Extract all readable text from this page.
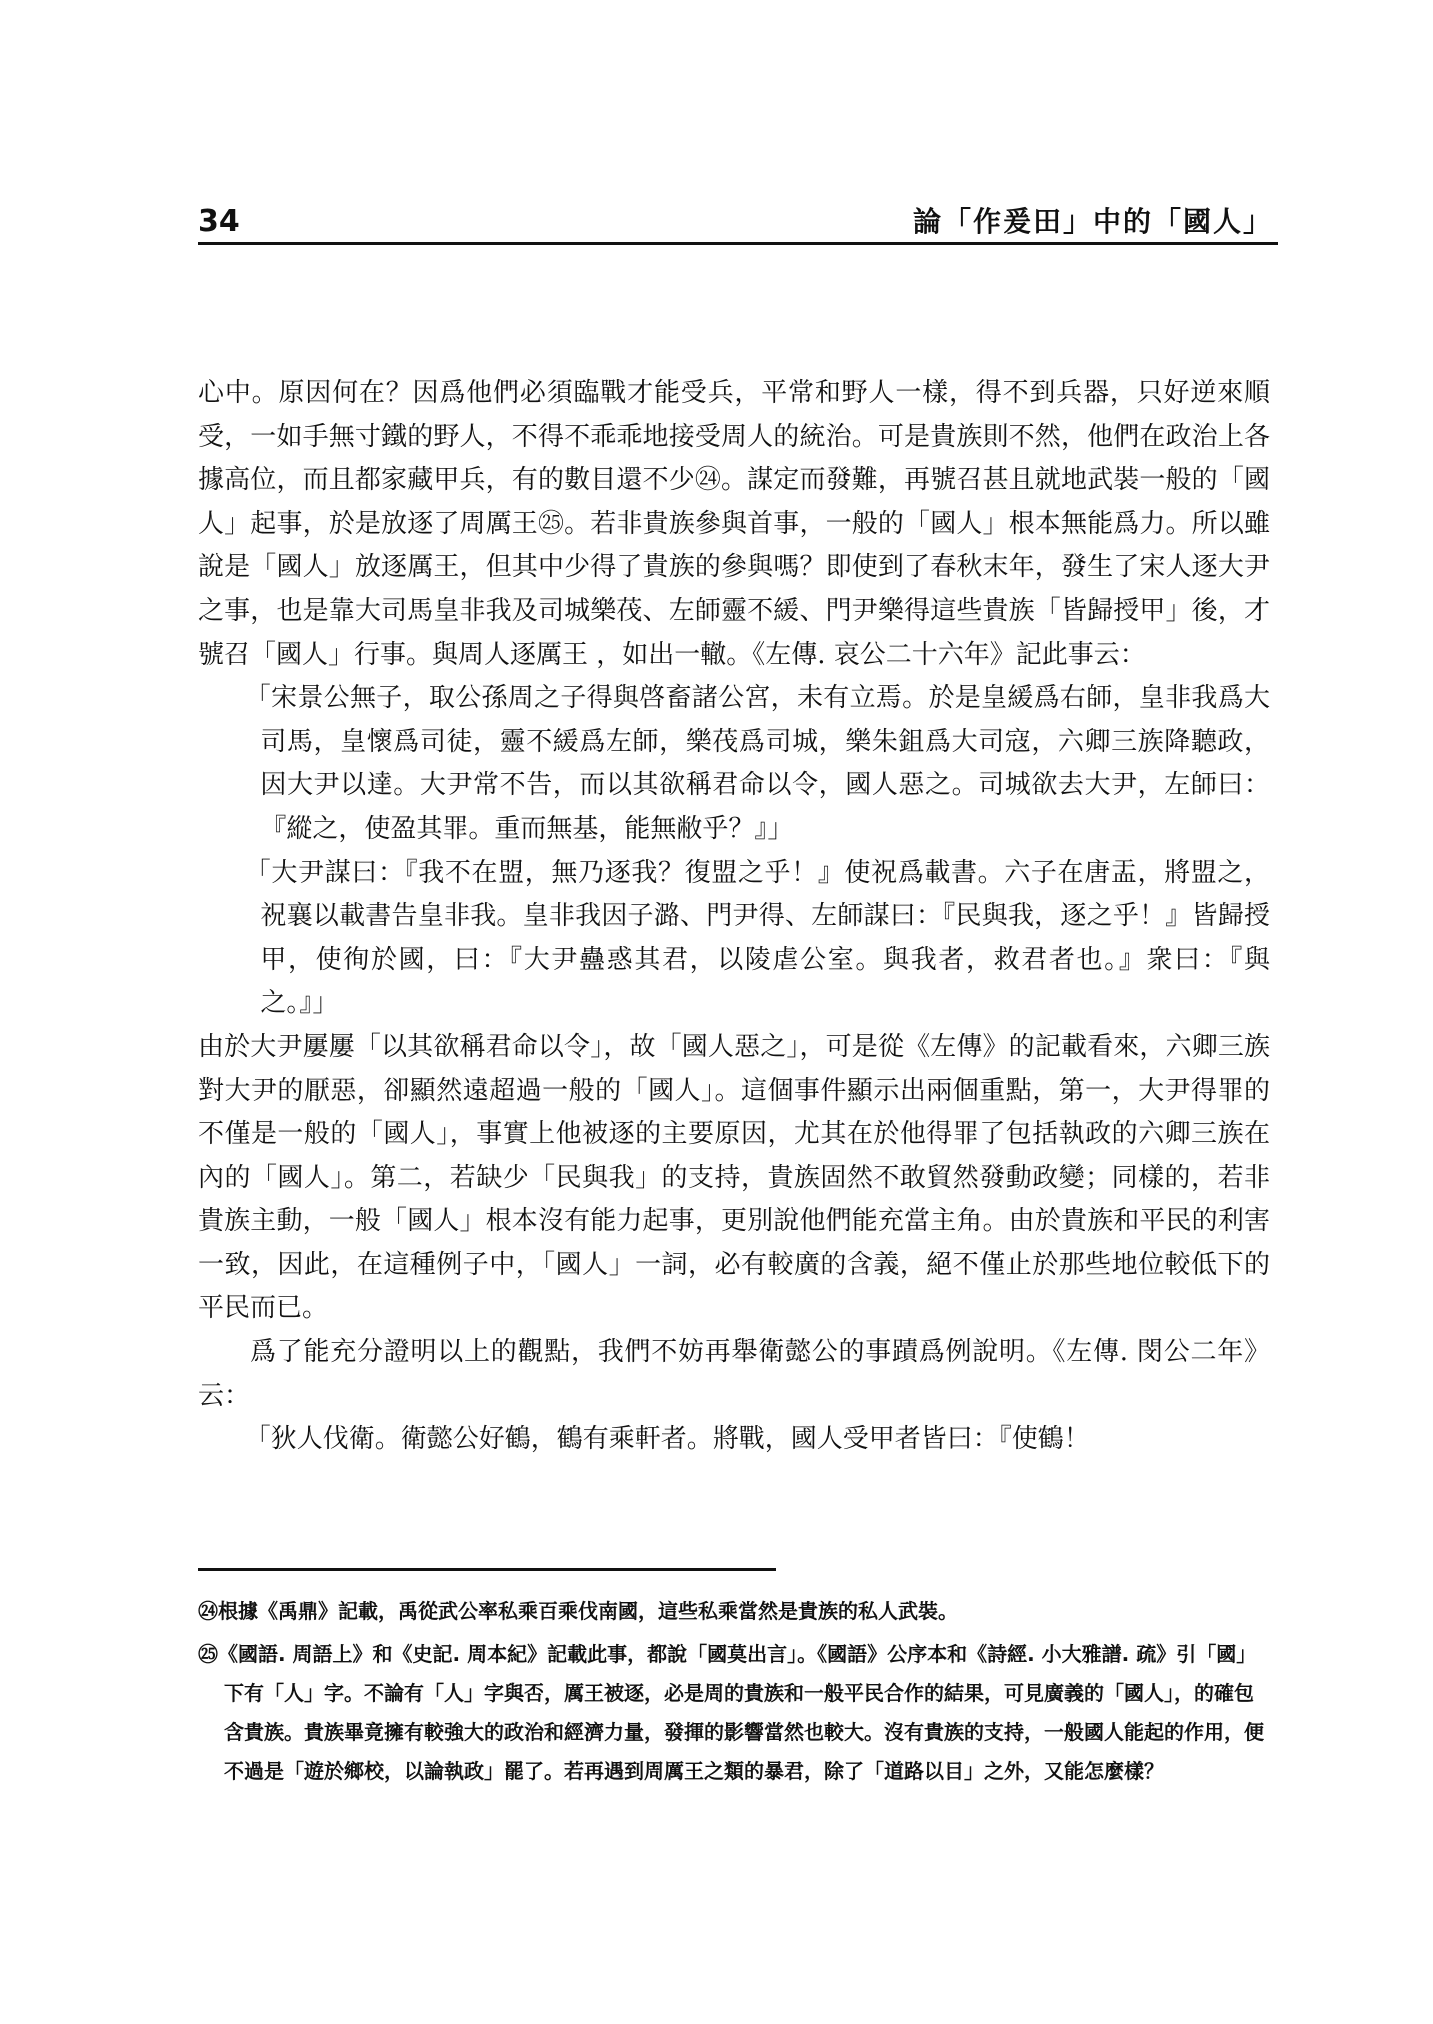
34	論「作爰田」中的「國人」

心中。原因何在？因爲他們必須臨戰才能受兵，平常和野人一樣，得不到兵器，只好逆來順受，一如手無寸鐵的野人，不得不乖乖地接受周人的統治。可是貴族則不然，他們在政治上各據高位，而且都家藏甲兵，有的數目還不少㉔。謀定而發難，再號召甚且就地武裝一般的「國人」起事，於是放逐了周厲王㉕。若非貴族參與首事，一般的「國人」根本無能爲力。所以雖說是「國人」放逐厲王，但其中少得了貴族的參與嗎？即使到了春秋末年，發生了宋人逐大尹之事，也是靠大司馬皇非我及司城樂茷、左師靈不緩、門尹樂得這些貴族「皆歸授甲」後，才號召「國人」行事。與周人逐厲王 ，如出一轍。《左傳. 哀公二十六年》記此事云：

「宋景公無子，取公孫周之子得與啓畜諸公宮，未有立焉。於是皇緩爲右師，皇非我爲大司馬，皇懷爲司徒，靈不緩爲左師，樂茷爲司城，樂朱鉏爲大司寇，六卿三族降聽政，因大尹以達。大尹常不告，而以其欲稱君命以令，國人惡之。司城欲去大尹，左師曰：『縱之，使盈其罪。重而無基，能無敝乎？』」

「大尹謀曰：『我不在盟，無乃逐我？復盟之乎！』使祝爲載書。六子在唐盂，將盟之，祝襄以載書告皇非我。皇非我因子潞、門尹得、左師謀曰：『民與我，逐之乎！』皆歸授甲，使徇於國，曰：『大尹蠱惑其君，以陵虐公室。與我者，救君者也。』衆曰：『與之。』」

由於大尹屢屢「以其欲稱君命以令」，故「國人惡之」，可是從《左傳》的記載看來，六卿三族對大尹的厭惡，卻顯然遠超過一般的「國人」。這個事件顯示出兩個重點，第一，大尹得罪的不僅是一般的「國人」，事實上他被逐的主要原因，尤其在於他得罪了包括執政的六卿三族在內的「國人」。第二，若缺少「民與我」的支持，貴族固然不敢貿然發動政變；同樣的，若非貴族主動，一般「國人」根本沒有能力起事，更別說他們能充當主角。由於貴族和平民的利害一致，因此，在這種例子中，「國人」一詞，必有較廣的含義，絕不僅止於那些地位較低下的平民而已。

爲了能充分證明以上的觀點，我們不妨再舉衛懿公的事蹟爲例說明。《左傳. 閔公二年》云：

「狄人伐衛。衛懿公好鶴，鶴有乘軒者。將戰，國人受甲者皆曰：『使鶴！

㉔根據《禹鼎》記載，禹從武公率私乘百乘伐南國，這些私乘當然是貴族的私人武裝。

㉕《國語. 周語上》和《史記. 周本紀》記載此事，都說「國莫出言」。《國語》公序本和《詩經. 小大雅譜. 疏》引「國」下有「人」字。不論有「人」字與否，厲王被逐，必是周的貴族和一般平民合作的結果，可見廣義的「國人」，的確包含貴族。貴族畢竟擁有較強大的政治和經濟力量，發揮的影響當然也較大。沒有貴族的支持，一般國人能起的作用，便不過是「遊於鄉校，以論執政」罷了。若再遇到周厲王之類的暴君，除了「道路以目」之外，又能怎麼樣？
